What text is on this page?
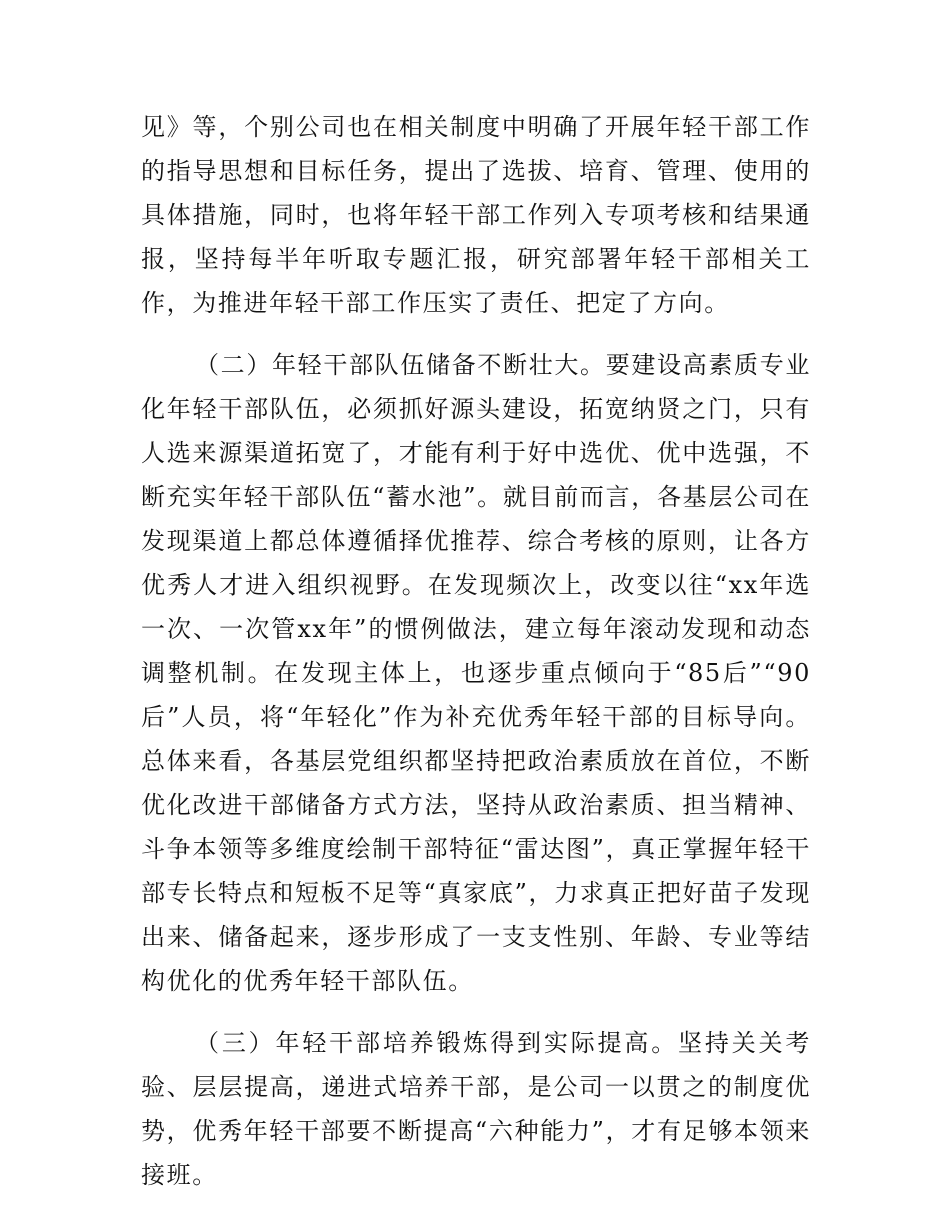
见》等，个别公司也在相关制度中明确了开展年轻干部工作的指导思想和目标任务，提出了选拔、培育、管理、使用的具体措施，同时，也将年轻干部工作列入专项考核和结果通报，坚持每半年听取专题汇报，研究部署年轻干部相关工作，为推进年轻干部工作压实了责任、把定了方向。

（二）年轻干部队伍储备不断壮大。要建设高素质专业化年轻干部队伍，必须抓好源头建设，拓宽纳贤之门，只有人选来源渠道拓宽了，才能有利于好中选优、优中选强，不断充实年轻干部队伍“蓄水池”。就目前而言，各基层公司在发现渠道上都总体遵循择优推荐、综合考核的原则，让各方优秀人才进入组织视野。在发现频次上，改变以往“xx年选一次、一次管xx年”的惯例做法，建立每年滚动发现和动态调整机制。在发现主体上，也逐步重点倾向于“85后”“90后”人员，将“年轻化”作为补充优秀年轻干部的目标导向。总体来看，各基层党组织都坚持把政治素质放在首位，不断优化改进干部储备方式方法，坚持从政治素质、担当精神、斗争本领等多维度绘制干部特征“雷达图”，真正掌握年轻干部专长特点和短板不足等“真家底”，力求真正把好苗子发现出来、储备起来，逐步形成了一支支性别、年龄、专业等结构优化的优秀年轻干部队伍。

（三）年轻干部培养锻炼得到实际提高。坚持关关考验、层层提高，递进式培养干部，是公司一以贯之的制度优势，优秀年轻干部要不断提高“六种能力”，才有足够本领来接班。
